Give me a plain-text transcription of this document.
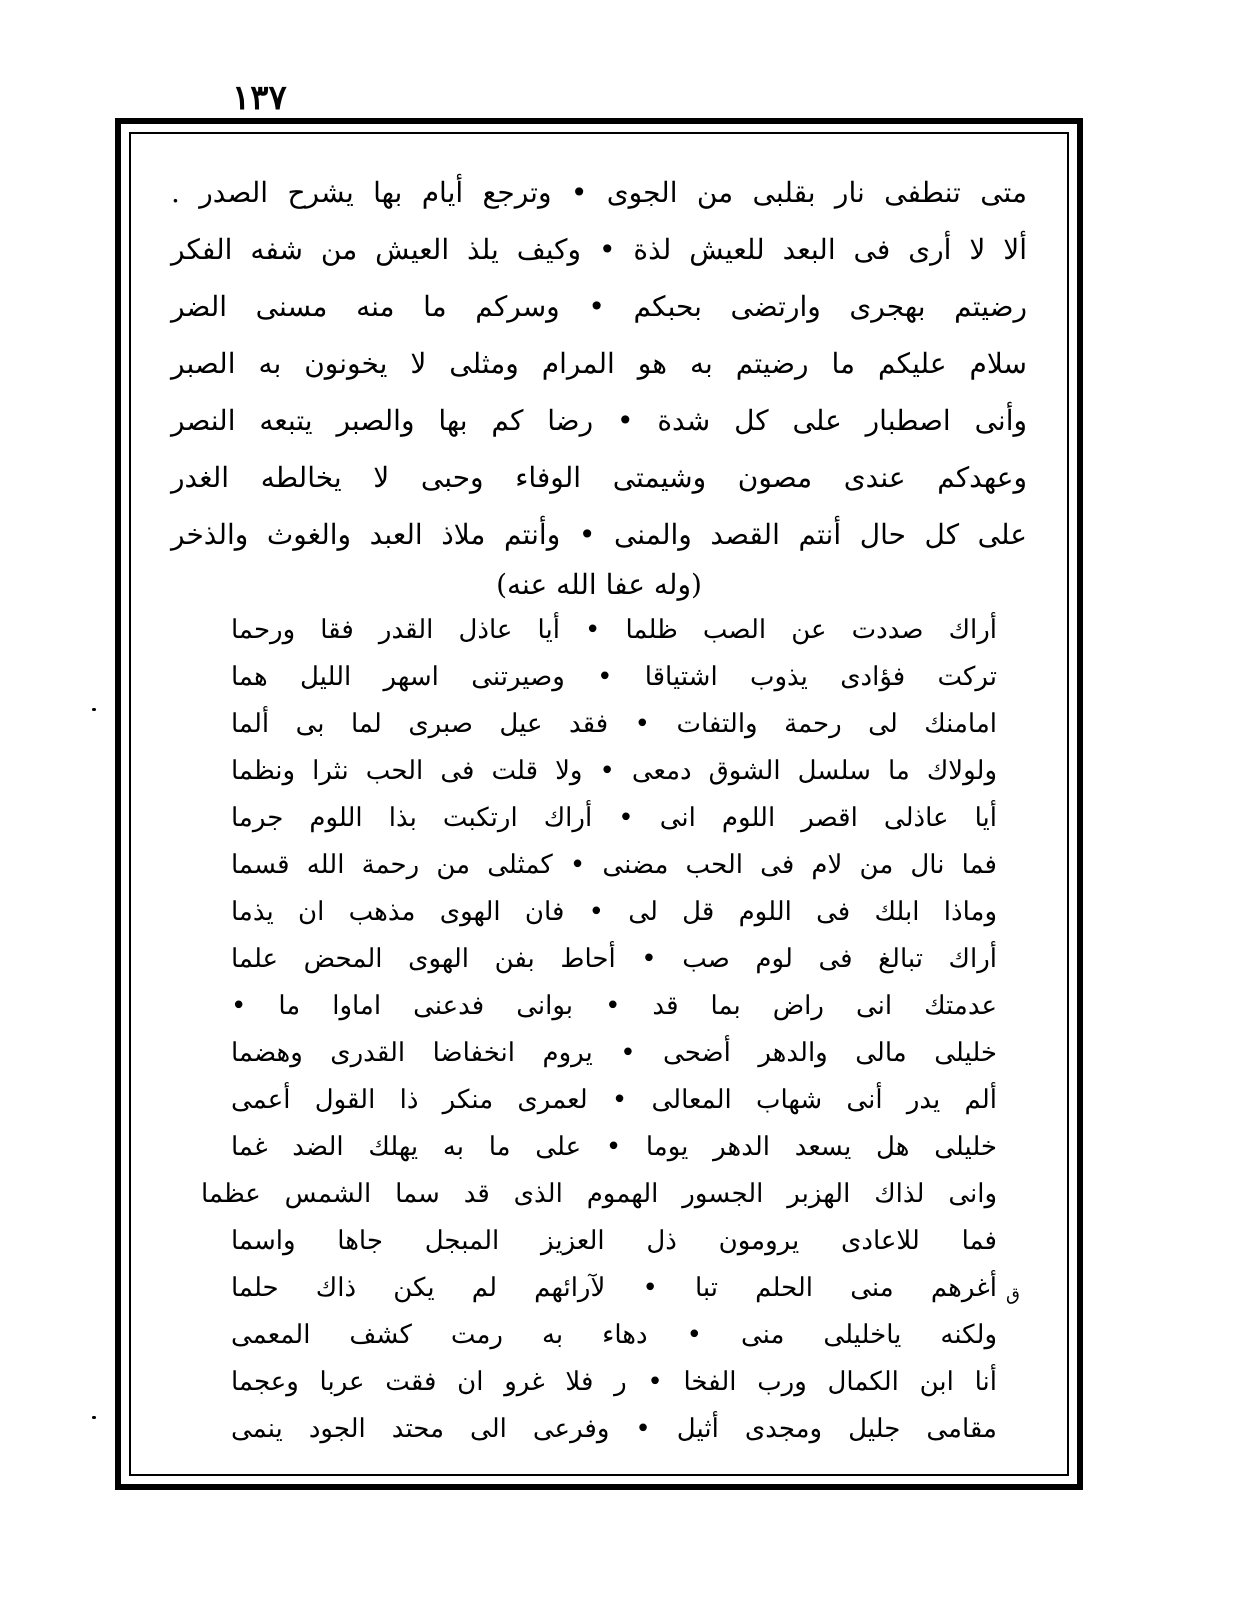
١٣٧
متى تنطفى نار بقلبى من الجوى • وترجع أيام بها يشرح الصدر .
ألا لا أرى فى البعد للعيش لذة • وكيف يلذ العيش من شفه الفكر
رضيتم بهجرى وارتضى بحبكم • وسركم ما منه مسنى الضر
سلام عليكم ما رضيتم به هو المرام ومثلى لا يخونون به الصبر
وأنى اصطبار على كل شدة • رضا كم بها والصبر يتبعه النصر
وعهدكم عندى مصون وشيمتى الوفاء وحبى لا يخالطه الغدر
على كل حال أنتم القصد والمنى • وأنتم ملاذ العبد والغوث والذخر
(وله عفا الله عنه)
أراك صددت عن الصب ظلما • أيا عاذل القدر فقا ورحما
تركت فؤادى يذوب اشتياقا • وصيرتنى اسهر الليل هما
امامنك لى رحمة والتفات • فقد عيل صبرى لما بى ألما
ولولاك ما سلسل الشوق دمعى • ولا قلت فى الحب نثرا ونظما
أيا عاذلى اقصر اللوم انى • أراك ارتكبت بذا اللوم جرما
فما نال من لام فى الحب مضنى • كمثلى من رحمة الله قسما
وماذا ابلك فى اللوم قل لى • فان الهوى مذهب ان يذما
أراك تبالغ فى لوم صب • أحاط بفن الهوى المحض علما
عدمتك انى راض بما قد • بوانى فدعنى اماوا ما •
خليلى مالى والدهر أضحى • يروم انخفاضا القدرى وهضما
ألم يدر أنى شهاب المعالى • لعمرى منكر ذا القول أعمى
خليلى هل يسعد الدهر يوما • على ما به يهلك الضد غما
وانى لذاك الهزبر الجسور الهموم الذى قد سما الشمس عظما
فما للاعادى يرومون ذل العزيز المبجل جاها واسما
أغرهم منى الحلم تبا • لآرائهم لم يكن ذاك حلما
ولكنه ياخليلى منى • دهاء به رمت كشف المعمى
أنا ابن الكمال ورب الفخا • ر فلا غرو ان فقت عربا وعجما
مقامى جليل ومجدى أثيل • وفرعى الى محتد الجود ينمى
ق
